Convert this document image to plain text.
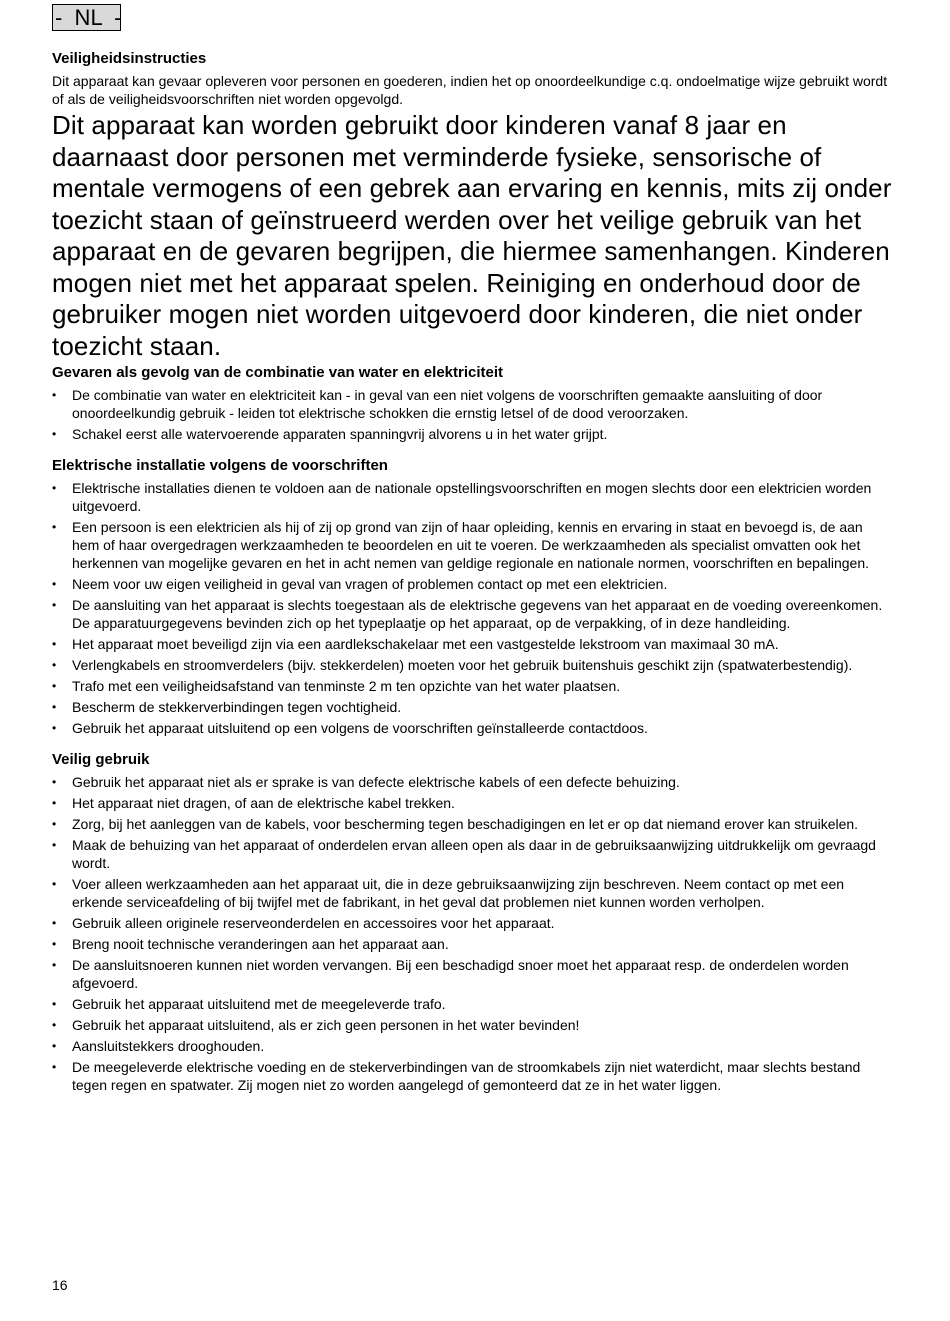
-  NL  -
Veiligheidsinstructies

Dit apparaat kan gevaar opleveren voor personen en goederen, indien het op onoordeelkundige c.q. ondoelmatige wijze gebruikt wordt of als de veiligheidsvoorschriften niet worden opgevolgd.

Dit apparaat kan worden gebruikt door kinderen vanaf 8 jaar en daarnaast door personen met verminderde fysieke, sensorische of mentale vermogens of een gebrek aan ervaring en kennis, mits zij onder toezicht staan of geïnstrueerd werden over het veilige gebruik van het apparaat en de gevaren begrijpen, die hiermee samenhangen. Kinderen mogen niet met het apparaat spelen. Reiniging en onderhoud door de gebruiker mogen niet worden uitgevoerd door kinderen, die niet onder toezicht staan.

Gevaren als gevolg van de combinatie van water en elektriciteit
• De combinatie van water en elektriciteit kan - in geval van een niet volgens de voorschriften gemaakte aansluiting of door onoordeelkundig gebruik - leiden tot elektrische schokken die ernstig letsel of de dood veroorzaken.
• Schakel eerst alle watervoerende apparaten spanningvrij alvorens u in het water grijpt.
Elektrische installatie volgens de voorschriften
• Elektrische installaties dienen te voldoen aan de nationale opstellingsvoorschriften en mogen slechts door een elektricien worden uitgevoerd.
• Een persoon is een elektricien als hij of zij op grond van zijn of haar opleiding, kennis en ervaring in staat en bevoegd is, de aan hem of haar overgedragen werkzaamheden te beoordelen en uit te voeren. De werkzaamheden als specialist omvatten ook het herkennen van mogelijke gevaren en het in acht nemen van geldige regionale en nationale normen, voorschriften en bepalingen.
• Neem voor uw eigen veiligheid in geval van vragen of problemen contact op met een elektricien.
• De aansluiting van het apparaat is slechts toegestaan als de elektrische gegevens van het apparaat en de voeding overeenkomen. De apparatuurgegevens bevinden zich op het typeplaatje op het apparaat, op de verpakking, of in deze handleiding.
• Het apparaat moet beveiligd zijn via een aardlekschakelaar met een vastgestelde lekstroom van maximaal 30 mA.
• Verlengkabels en stroomverdelers (bijv. stekkerdelen) moeten voor het gebruik buitenshuis geschikt zijn (spatwaterbestendig).
• Trafo met een veiligheidsafstand van tenminste 2 m ten opzichte van het water plaatsen.
• Bescherm de stekkerverbindingen tegen vochtigheid.
• Gebruik het apparaat uitsluitend op een volgens de voorschriften geïnstalleerde contactdoos.
Veilig gebruik
• Gebruik het apparaat niet als er sprake is van defecte elektrische kabels of een defecte behuizing.
• Het apparaat niet dragen, of aan de elektrische kabel trekken.
• Zorg, bij het aanleggen van de kabels, voor bescherming tegen beschadigingen en let er op dat niemand erover kan struikelen.
• Maak de behuizing van het apparaat of onderdelen ervan alleen open als daar in de gebruiksaanwijzing uitdrukkelijk om gevraagd wordt.
• Voer alleen werkzaamheden aan het apparaat uit, die in deze gebruiksaanwijzing zijn beschreven. Neem contact op met een erkende serviceafdeling of bij twijfel met de fabrikant, in het geval dat problemen niet kunnen worden verholpen.
• Gebruik alleen originele reserveonderdelen en accessoires voor het apparaat.
• Breng nooit technische veranderingen aan het apparaat aan.
• De aansluitsnoeren kunnen niet worden vervangen. Bij een beschadigd snoer moet het apparaat resp. de onderdelen worden afgevoerd.
• Gebruik het apparaat uitsluitend met de meegeleverde trafo.
• Gebruik het apparaat uitsluitend, als er zich geen personen in het water bevinden!
• Aansluitstekkers drooghouden.
• De meegeleverde elektrische voeding en de stekerverbindingen van de stroomkabels zijn niet waterdicht, maar slechts bestand tegen regen en spatwater. Zij mogen niet zo worden aangelegd of gemonteerd dat ze in het water liggen.
16
